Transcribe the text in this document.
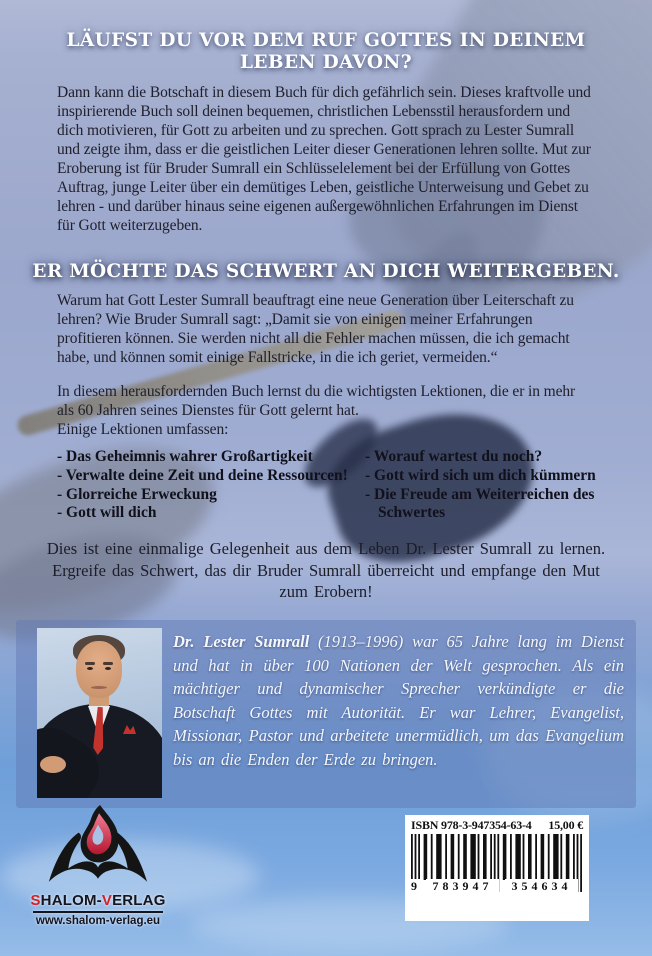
LÄUFST DU VOR DEM RUF GOTTES IN DEINEM LEBEN DAVON?

Dann kann die Botschaft in diesem Buch für dich gefährlich sein. Dieses kraftvolle und inspirierende Buch soll deinen bequemen, christlichen Lebensstil herausfordern und dich motivieren, für Gott zu arbeiten und zu sprechen. Gott sprach zu Lester Sumrall und zeigte ihm, dass er die geistlichen Leiter dieser Generationen lehren sollte. Mut zur Eroberung ist für Bruder Sumrall ein Schlüsselelement bei der Erfüllung von Gottes Auftrag, junge Leiter über ein demütiges Leben, geistliche Unterweisung und Gebet zu lehren - und darüber hinaus seine eigenen außergewöhnlichen Erfahrungen im Dienst für Gott weiterzugeben.

ER MÖCHTE DAS SCHWERT AN DICH WEITERGEBEN.

Warum hat Gott Lester Sumrall beauftragt eine neue Generation über Leiterschaft zu lehren? Wie Bruder Sumrall sagt: „Damit sie von einigen meiner Erfahrungen profitieren können. Sie werden nicht all die Fehler machen müssen, die ich gemacht habe, und können somit einige Fallstricke, in die ich geriet, vermeiden.“

In diesem herausfordernden Buch lernst du die wichtigsten Lektionen, die er in mehr als 60 Jahren seines Dienstes für Gott gelernt hat.
Einige Lektionen umfassen:

- Das Geheimnis wahrer Großartigkeit
- Verwalte deine Zeit und deine Ressourcen!
- Glorreiche Erweckung
- Gott will dich
- Worauf wartest du noch?
- Gott wird sich um dich kümmern
- Die Freude am Weiterreichen des Schwertes

Dies ist eine einmalige Gelegenheit aus dem Leben Dr. Lester Sumrall zu lernen. Ergreife das Schwert, das dir Bruder Sumrall überreicht und empfange den Mut zum Erobern!

Dr. Lester Sumrall (1913–1996) war 65 Jahre lang im Dienst und hat in über 100 Nationen der Welt gesprochen. Als ein mächtiger und dynamischer Sprecher verkündigte er die Botschaft Gottes mit Autorität. Er war Lehrer, Evangelist, Missionar, Pastor und arbeitete unermüdlich, um das Evangelium bis an die Enden der Erde zu bringen.

SHALOM-VERLAG
www.shalom-verlag.eu
ISBN 978-3-947354-63-4 15,00 €
9	783947	354634
